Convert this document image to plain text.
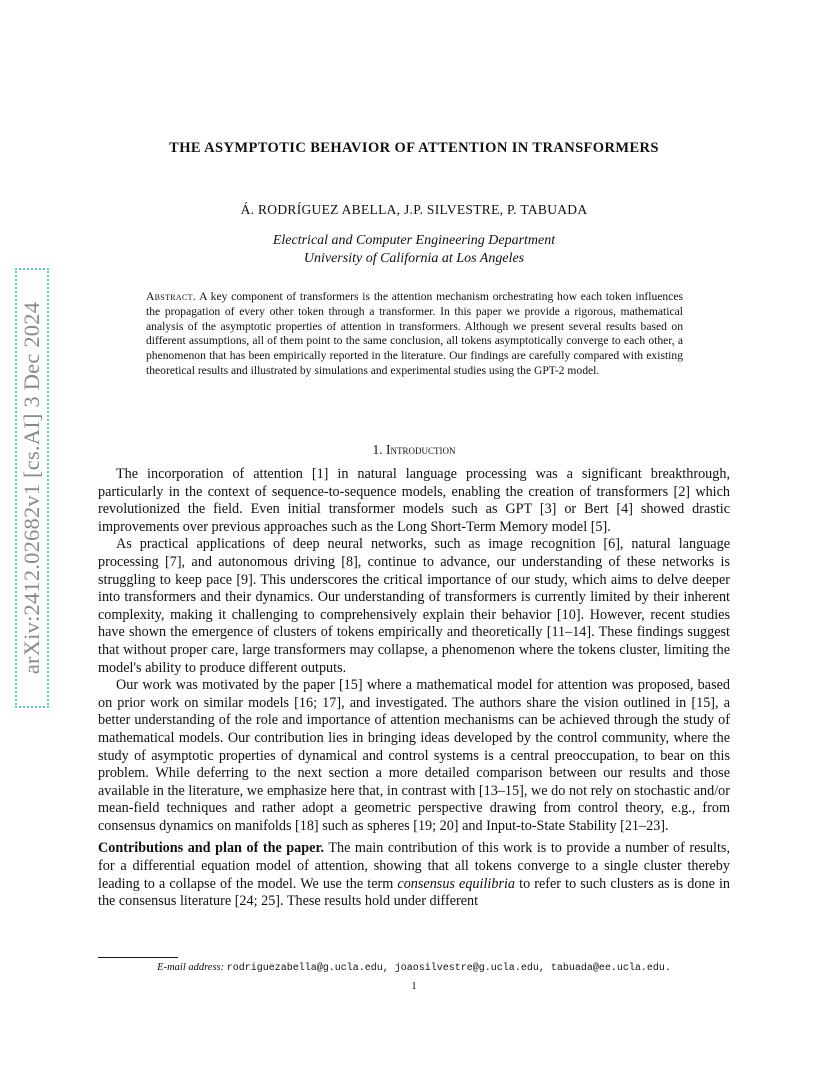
arXiv:2412.02682v1 [cs.AI] 3 Dec 2024
THE ASYMPTOTIC BEHAVIOR OF ATTENTION IN TRANSFORMERS
Á. RODRÍGUEZ ABELLA, J.P. SILVESTRE, P. TABUADA
Electrical and Computer Engineering Department
University of California at Los Angeles
Abstract. A key component of transformers is the attention mechanism orchestrating how each token influences the propagation of every other token through a transformer. In this paper we provide a rigorous, mathematical analysis of the asymptotic properties of attention in transformers. Although we present several results based on different assumptions, all of them point to the same conclusion, all tokens asymptotically converge to each other, a phenomenon that has been empirically reported in the literature. Our findings are carefully compared with existing theoretical results and illustrated by simulations and experimental studies using the GPT-2 model.
1. Introduction

The incorporation of attention [1] in natural language processing was a significant breakthrough, particularly in the context of sequence-to-sequence models, enabling the creation of transformers [2] which revolutionized the field. Even initial transformer models such as GPT [3] or Bert [4] showed drastic improvements over previous approaches such as the Long Short-Term Memory model [5].

As practical applications of deep neural networks, such as image recognition [6], natural language processing [7], and autonomous driving [8], continue to advance, our understanding of these networks is struggling to keep pace [9]. This underscores the critical importance of our study, which aims to delve deeper into transformers and their dynamics. Our understanding of transformers is currently limited by their inherent complexity, making it challenging to comprehensively explain their behavior [10]. However, recent studies have shown the emergence of clusters of tokens empirically and theoretically [11–14]. These findings suggest that without proper care, large transformers may collapse, a phenomenon where the tokens cluster, limiting the model's ability to produce different outputs.

Our work was motivated by the paper [15] where a mathematical model for attention was proposed, based on prior work on similar models [16; 17], and investigated. The authors share the vision outlined in [15], a better understanding of the role and importance of attention mechanisms can be achieved through the study of mathematical models. Our contribution lies in bringing ideas developed by the control community, where the study of asymptotic properties of dynamical and control systems is a central preoccupation, to bear on this problem. While deferring to the next section a more detailed comparison between our results and those available in the literature, we emphasize here that, in contrast with [13–15], we do not rely on stochastic and/or mean-field techniques and rather adopt a geometric perspective drawing from control theory, e.g., from consensus dynamics on manifolds [18] such as spheres [19; 20] and Input-to-State Stability [21–23].

Contributions and plan of the paper. The main contribution of this work is to provide a number of results, for a differential equation model of attention, showing that all tokens converge to a single cluster thereby leading to a collapse of the model. We use the term consensus equilibria to refer to such clusters as is done in the consensus literature [24; 25]. These results hold under different

E-mail address: rodriguezabella@g.ucla.edu, joaosilvestre@g.ucla.edu, tabuada@ee.ucla.edu.
1
